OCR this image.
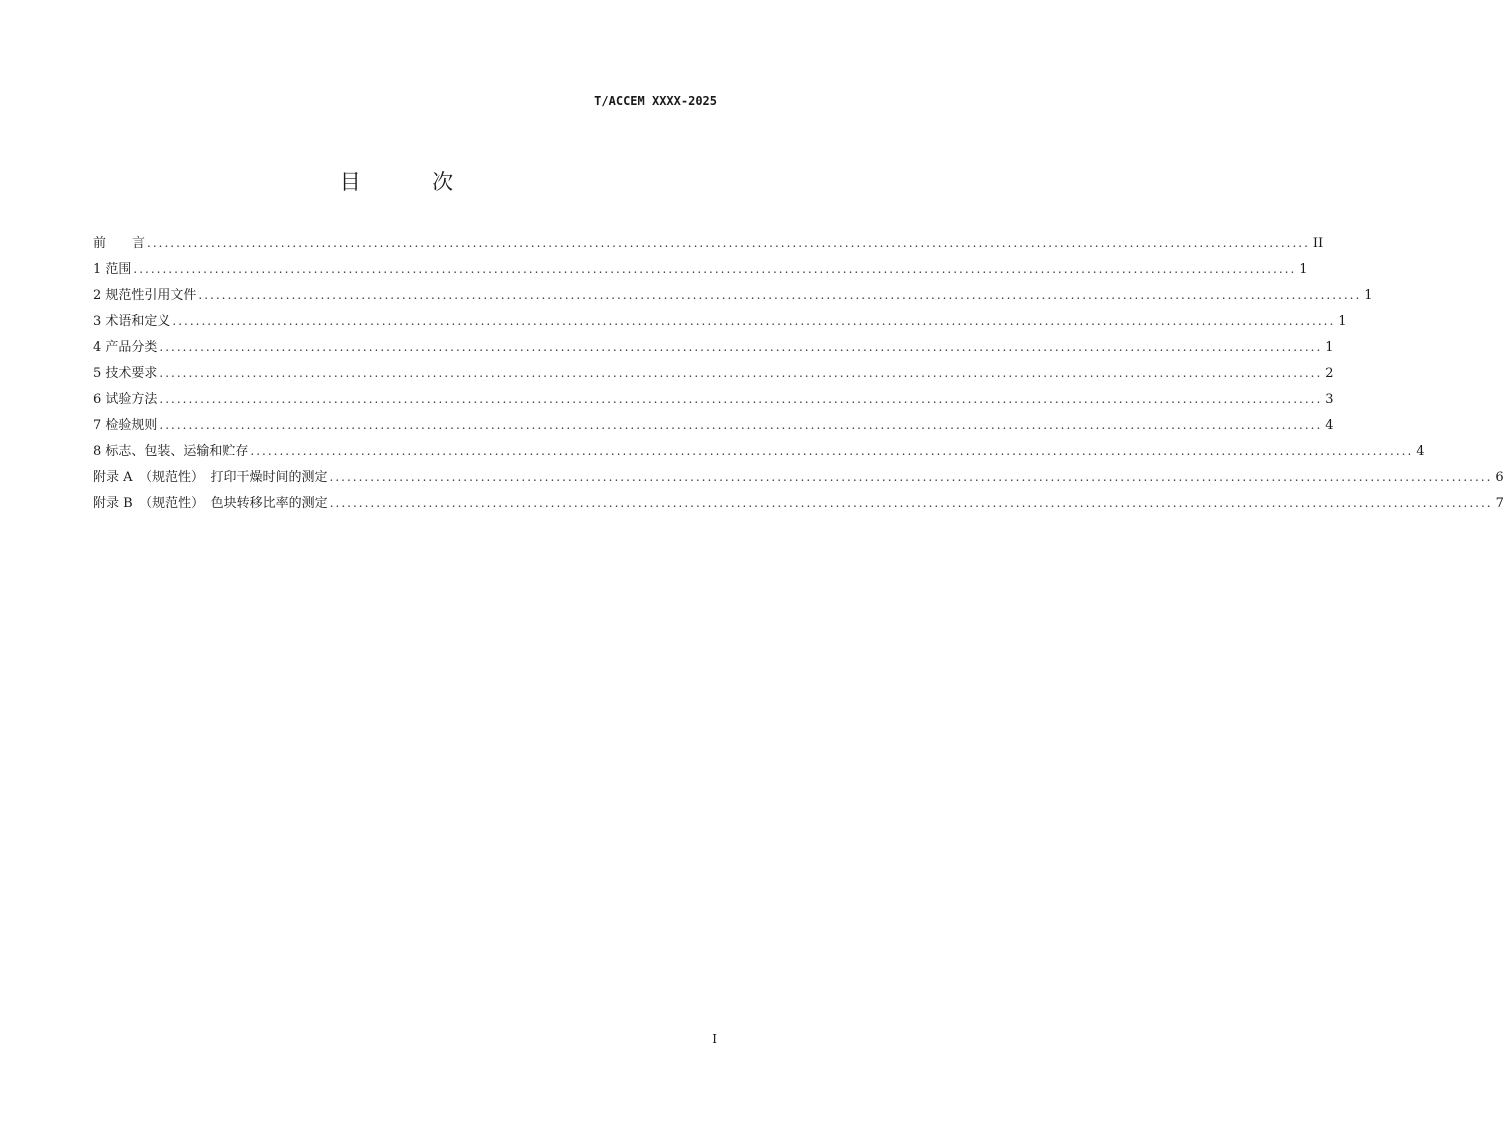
T/ACCEM XXXX-2025
目　次
前　　言 ........................................................................................................................................................................................................ II
1 范围 ........................................................................................................................................................................................................ 1
2 规范性引用文件 ........................................................................................................................................................................................................ 1
3 术语和定义 ........................................................................................................................................................................................................ 1
4 产品分类 ........................................................................................................................................................................................................ 1
5 技术要求 ........................................................................................................................................................................................................ 2
6 试验方法 ........................................................................................................................................................................................................ 3
7 检验规则 ........................................................................................................................................................................................................ 4
8 标志、包装、运输和贮存 ........................................................................................................................................................................................................ 4
附录 A　（规范性）　打印干燥时间的测定 ........................................................................................................................................................................................................ 6
附录 B　（规范性）　色块转移比率的测定 ........................................................................................................................................................................................................ 7
I
